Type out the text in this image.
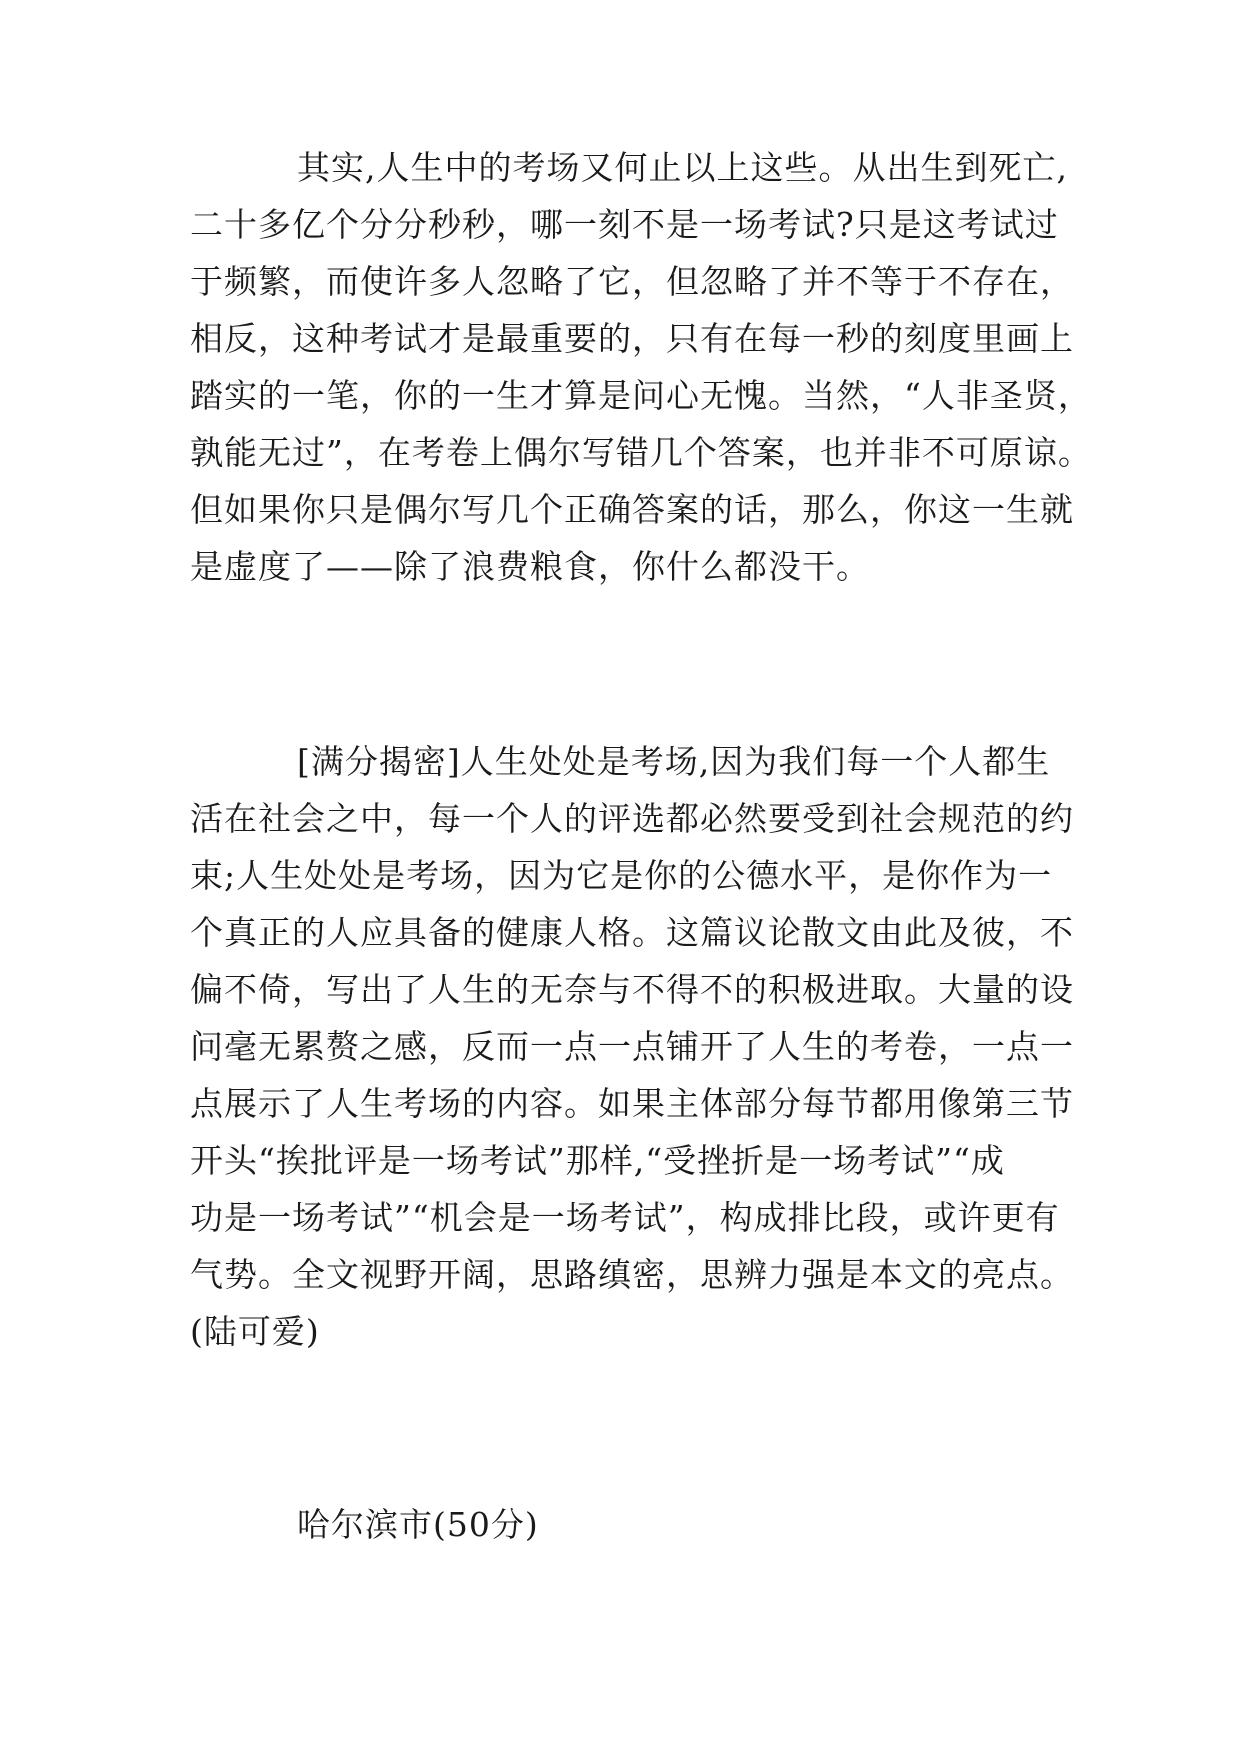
其实,人生中的考场又何止以上这些。从出生到死亡,

二十多亿个分分秒秒，哪一刻不是一场考试?只是这考试过

于频繁，而使许多人忽略了它，但忽略了并不等于不存在，

相反，这种考试才是最重要的，只有在每一秒的刻度里画上

踏实的一笔，你的一生才算是问心无愧。当然，“人非圣贤，

孰能无过”，在考卷上偶尔写错几个答案，也并非不可原谅。

但如果你只是偶尔写几个正确答案的话，那么，你这一生就

是虚度了——除了浪费粮食，你什么都没干。

[满分揭密]人生处处是考场,因为我们每一个人都生

活在社会之中，每一个人的评选都必然要受到社会规范的约

束;人生处处是考场，因为它是你的公德水平，是你作为一

个真正的人应具备的健康人格。这篇议论散文由此及彼，不

偏不倚，写出了人生的无奈与不得不的积极进取。大量的设

问毫无累赘之感，反而一点一点铺开了人生的考卷，一点一

点展示了人生考场的内容。如果主体部分每节都用像第三节

开头“挨批评是一场考试”那样,“受挫折是一场考试”“成

功是一场考试”“机会是一场考试”，构成排比段，或许更有

气势。全文视野开阔，思路缜密，思辨力强是本文的亮点。

(陆可爱)

哈尔滨市(50分)
